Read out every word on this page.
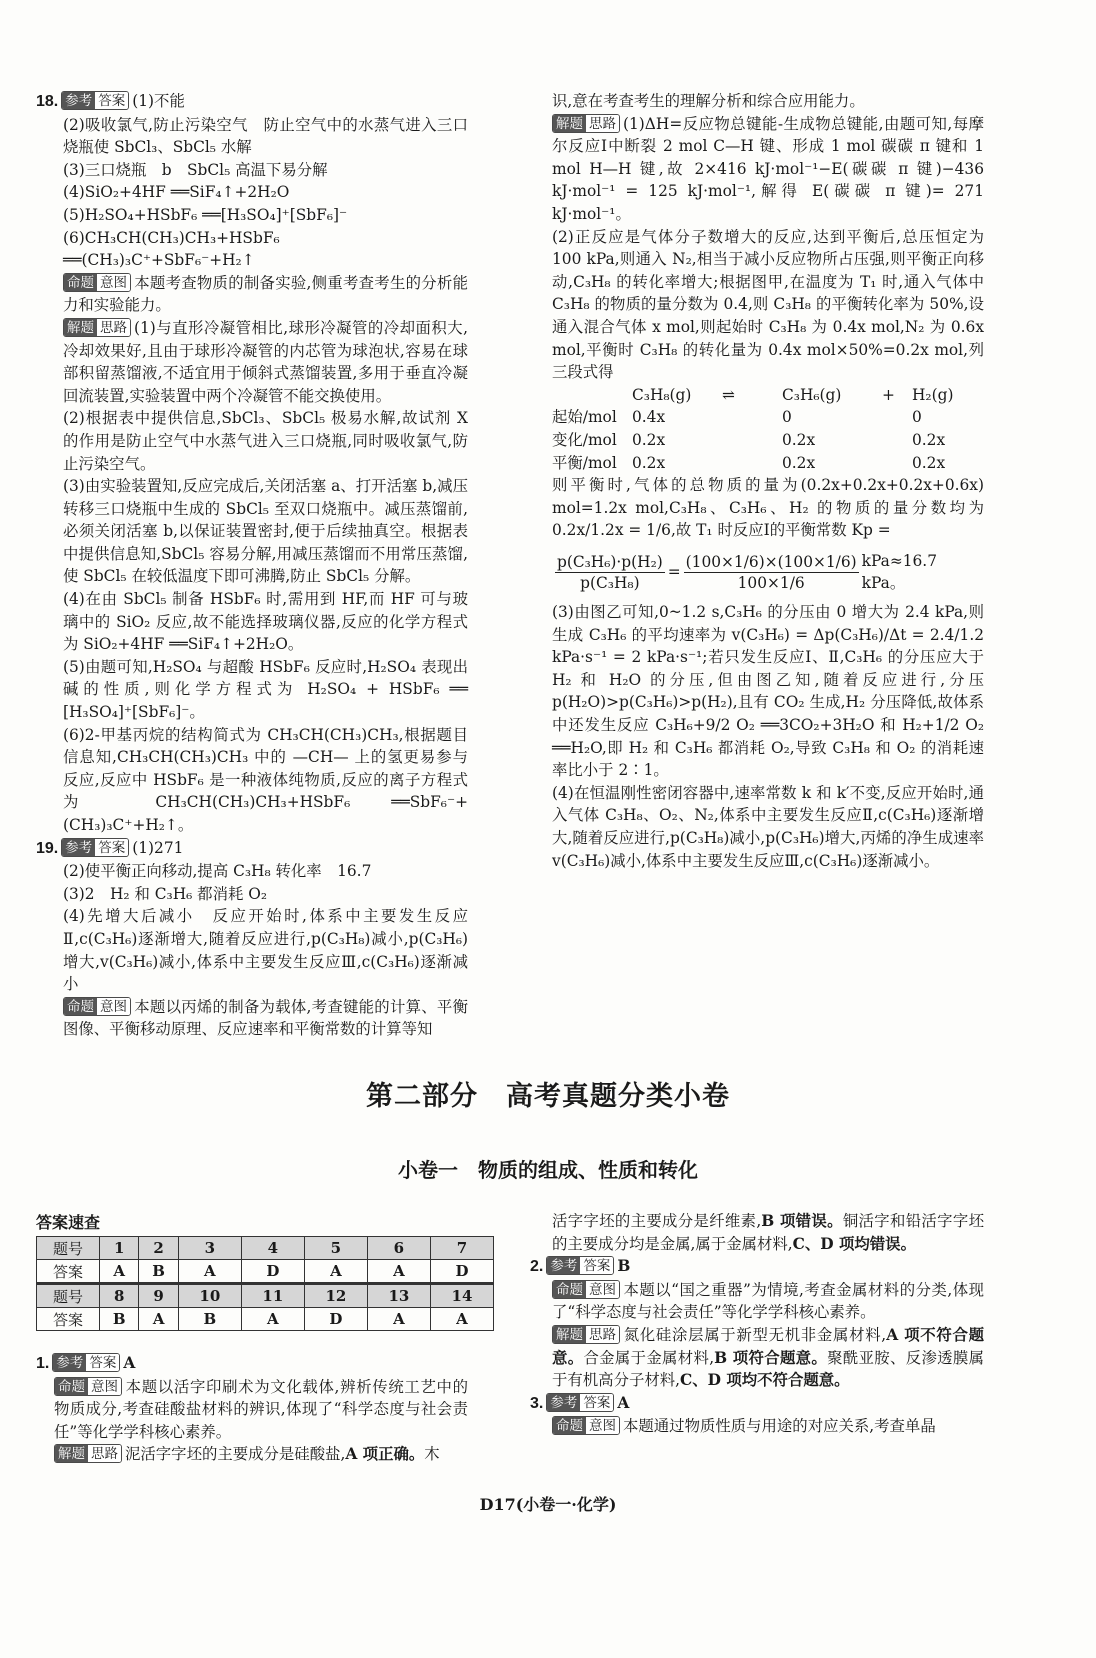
18. 参考 答案 (1)不能

(2)吸收氯气,防止污染空气　防止空气中的水蒸气进入三口烧瓶使 SbCl₃、SbCl₅ 水解

(3)三口烧瓶　b　SbCl₅ 高温下易分解

(4)SiO₂+4HF ══SiF₄↑+2H₂O

(5)H₂SO₄+HSbF₆ ══[H₃SO₄]⁺[SbF₆]⁻

(6)CH₃CH(CH₃)CH₃+HSbF₆ ══(CH₃)₃C⁺+SbF₆⁻+H₂↑

命题 意图 本题考查物质的制备实验,侧重考查考生的分析能力和实验能力。

解题 思路 (1)与直形冷凝管相比,球形冷凝管的冷却面积大,冷却效果好,且由于球形冷凝管的内芯管为球泡状,容易在球部积留蒸馏液,不适宜用于倾斜式蒸馏装置,多用于垂直冷凝回流装置,实验装置中两个冷凝管不能交换使用。

(2)根据表中提供信息,SbCl₃、SbCl₅ 极易水解,故试剂 X 的作用是防止空气中水蒸气进入三口烧瓶,同时吸收氯气,防止污染空气。

(3)由实验装置知,反应完成后,关闭活塞 a、打开活塞 b,减压转移三口烧瓶中生成的 SbCl₅ 至双口烧瓶中。减压蒸馏前,必须关闭活塞 b,以保证装置密封,便于后续抽真空。根据表中提供信息知,SbCl₅ 容易分解,用减压蒸馏而不用常压蒸馏,使 SbCl₅ 在较低温度下即可沸腾,防止 SbCl₅ 分解。

(4)在由 SbCl₅ 制备 HSbF₆ 时,需用到 HF,而 HF 可与玻璃中的 SiO₂ 反应,故不能选择玻璃仪器,反应的化学方程式为 SiO₂+4HF ══SiF₄↑+2H₂O。

(5)由题可知,H₂SO₄ 与超酸 HSbF₆ 反应时,H₂SO₄ 表现出碱的性质,则化学方程式为 H₂SO₄ + HSbF₆ ══ [H₃SO₄]⁺[SbF₆]⁻。

(6)2-甲基丙烷的结构简式为 CH₃CH(CH₃)CH₃,根据题目信息知,CH₃CH(CH₃)CH₃ 中的 —CH— 上的氢更易参与反应,反应中 HSbF₆ 是一种液体纯物质,反应的离子方程式为 CH₃CH(CH₃)CH₃+HSbF₆ ══SbF₆⁻+(CH₃)₃C⁺+H₂↑。

19. 参考 答案 (1)271

(2)使平衡正向移动,提高 C₃H₈ 转化率　16.7

(3)2　H₂ 和 C₃H₆ 都消耗 O₂

(4)先增大后减小　反应开始时,体系中主要发生反应Ⅱ,c(C₃H₆)逐渐增大,随着反应进行,p(C₃H₈)减小,p(C₃H₆)增大,v(C₃H₆)减小,体系中主要发生反应Ⅲ,c(C₃H₆)逐渐减小

命题 意图 本题以丙烯的制备为载体,考查键能的计算、平衡图像、平衡移动原理、反应速率和平衡常数的计算等知

识,意在考查考生的理解分析和综合应用能力。

解题 思路 (1)ΔH=反应物总键能-生成物总键能,由题可知,每摩尔反应Ⅰ中断裂 2 mol C—H 键、形成 1 mol 碳碳 π 键和 1 mol H—H 键,故 2×416 kJ·mol⁻¹−E(碳碳 π 键)−436 kJ·mol⁻¹ = 125 kJ·mol⁻¹,解得 E(碳碳 π 键)= 271 kJ·mol⁻¹。

(2)正反应是气体分子数增大的反应,达到平衡后,总压恒定为 100 kPa,则通入 N₂,相当于减小反应物所占压强,则平衡正向移动,C₃H₈ 的转化率增大;根据图甲,在温度为 T₁ 时,通入气体中 C₃H₈ 的物质的量分数为 0.4,则 C₃H₈ 的平衡转化率为 50%,设通入混合气体 x mol,则起始时 C₃H₈ 为 0.4x mol,N₂ 为 0.6x mol,平衡时 C₃H₈ 的转化量为 0.4x mol×50%=0.2x mol,列三段式得

C₃H₈(g)	⇌	C₃H₆(g)	+	H₂(g)
起始/mol 0.4x	0	0
变化/mol 0.2x	0.2x	0.2x
平衡/mol 0.2x	0.2x	0.2x

则平衡时,气体的总物质的量为(0.2x+0.2x+0.2x+0.6x) mol=1.2x mol,C₃H₈、C₃H₆、H₂ 的物质的量分数均为 0.2x/1.2x = 1/6,故 T₁ 时反应Ⅰ的平衡常数 Kp =

$\frac{\text{p(C₃H₆)·p(H₂)}}{\text{p(C₃H₈)}} = \frac{(100\times 1/6)\times(100\times 1/6)}{100\times 1/6} kPa\approx 16.7$ kPa。

(3)由图乙可知,0~1.2 s,C₃H₆ 的分压由 0 增大为 2.4 kPa,则生成 C₃H₆ 的平均速率为 v(C₃H₆) = Δp(C₃H₆)/Δt = 2.4/1.2 kPa·s⁻¹ = 2 kPa·s⁻¹;若只发生反应Ⅰ、Ⅱ,C₃H₆ 的分压应大于 H₂ 和 H₂O 的分压,但由图乙知,随着反应进行,分压 p(H₂O)>p(C₃H₆)>p(H₂),且有 CO₂ 生成,H₂ 分压降低,故体系中还发生反应 C₃H₆+9/2 O₂ ══3CO₂+3H₂O 和 H₂+1/2 O₂ ══H₂O,即 H₂ 和 C₃H₆ 都消耗 O₂,导致 C₃H₈ 和 O₂ 的消耗速率比小于 2∶1。

(4)在恒温刚性密闭容器中,速率常数 k 和 k′不变,反应开始时,通入气体 C₃H₈、O₂、N₂,体系中主要发生反应Ⅱ,c(C₃H₆)逐渐增大,随着反应进行,p(C₃H₈)减小,p(C₃H₆)增大,丙烯的净生成速率 v(C₃H₆)减小,体系中主要发生反应Ⅲ,c(C₃H₆)逐渐减小。

第二部分　高考真题分类小卷
小卷一　物质的组成、性质和转化
答案速查
题号	1	2	3	4	5	6	7
答案	A	B	A	D	A	A	D
题号	8	9	10	11	12	13	14
答案	B	A	B	A	D	A	A

1. 参考 答案 A

命题 意图 本题以活字印刷术为文化载体,辨析传统工艺中的物质成分,考查硅酸盐材料的辨识,体现了“科学态度与社会责任”等化学学科核心素养。

解题 思路 泥活字字坯的主要成分是硅酸盐,A 项正确。木

活字字坯的主要成分是纤维素,B 项错误。铜活字和铅活字字坯的主要成分均是金属,属于金属材料,C、D 项均错误。

2. 参考 答案 B

命题 意图 本题以“国之重器”为情境,考查金属材料的分类,体现了“科学态度与社会责任”等化学学科核心素养。

解题 思路 氮化硅涂层属于新型无机非金属材料,A 项不符合题意。合金属于金属材料,B 项符合题意。聚酰亚胺、反渗透膜属于有机高分子材料,C、D 项均不符合题意。

3. 参考 答案 A

命题 意图 本题通过物质性质与用途的对应关系,考查单晶

D17(小卷一·化学)
